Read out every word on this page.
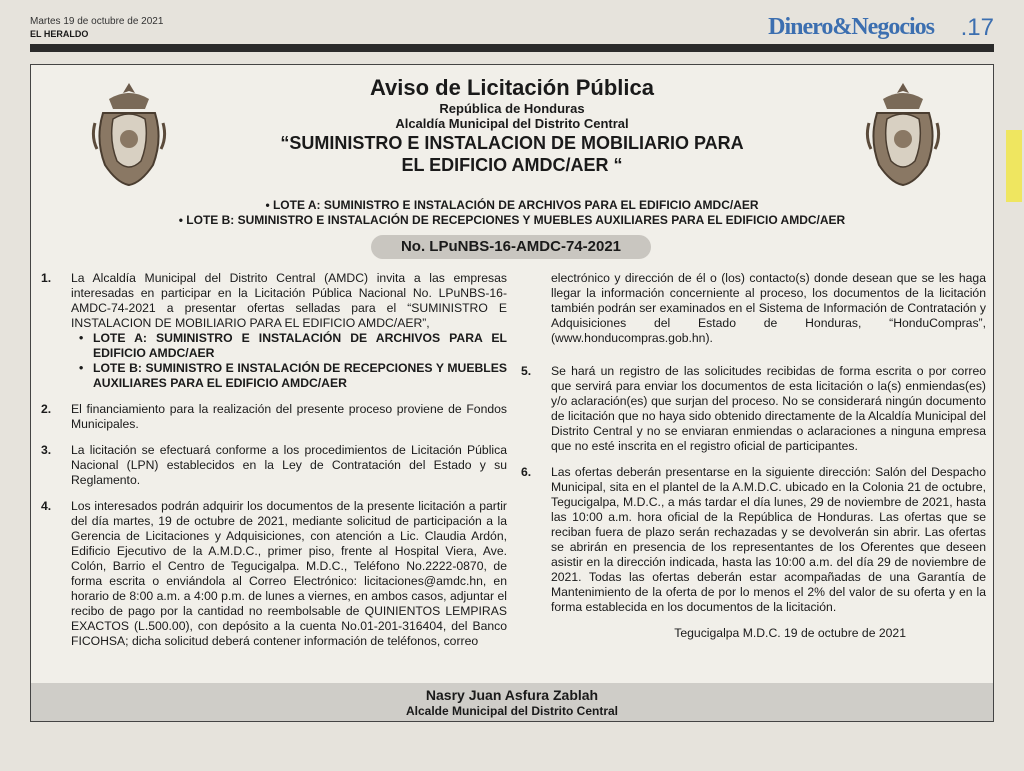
Martes 19 de octubre de 2021
EL HERALDO	Dinero&Negocios .17
Aviso de Licitación Pública
República de Honduras
Alcaldía Municipal del Distrito Central
“SUMINISTRO E INSTALACION DE MOBILIARIO PARA
EL EDIFICIO AMDC/AER “
• LOTE A: SUMINISTRO E INSTALACIÓN DE ARCHIVOS PARA EL EDIFICIO AMDC/AER
• LOTE B: SUMINISTRO E INSTALACIÓN DE RECEPCIONES Y MUEBLES AUXILIARES PARA EL EDIFICIO AMDC/AER
No. LPuNBS-16-AMDC-74-2021
1. La Alcaldía Municipal del Distrito Central (AMDC) invita a las empresas interesadas en participar en la Licitación Pública Nacional No. LPuNBS-16-AMDC-74-2021 a presentar ofertas selladas para el “SUMINISTRO E INSTALACION DE MOBILIARIO PARA EL EDIFICIO AMDC/AER”,
• LOTE A: SUMINISTRO E INSTALACIÓN DE ARCHIVOS PARA EL EDIFICIO AMDC/AER
• LOTE B: SUMINISTRO E INSTALACIÓN DE RECEPCIONES Y MUEBLES AUXILIARES PARA EL EDIFICIO AMDC/AER
2. El financiamiento para la realización del presente proceso proviene de Fondos Municipales.
3. La licitación se efectuará conforme a los procedimientos de Licitación Pública Nacional (LPN) establecidos en la Ley de Contratación del Estado y su Reglamento.
4. Los interesados podrán adquirir los documentos de la presente licitación a partir del día martes, 19 de octubre de 2021, mediante solicitud de participación a la Gerencia de Licitaciones y Adquisiciones, con atención a Lic. Claudia Ardón, Edificio Ejecutivo de la A.M.D.C., primer piso, frente al Hospital Viera, Ave. Colón, Barrio el Centro de Tegucigalpa. M.D.C., Teléfono No.2222-0870, de forma escrita o enviándola al Correo Electrónico: licitaciones@amdc.hn, en horario de 8:00 a.m. a 4:00 p.m. de lunes a viernes, en ambos casos, adjuntar el recibo de pago por la cantidad no reembolsable de QUINIENTOS LEMPIRAS EXACTOS (L.500.00), con depósito a la cuenta No.01-201-316404, del Banco FICOHSA; dicha solicitud deberá contener información de teléfonos, correo
electrónico y dirección de él o (los) contacto(s) donde desean que se les haga llegar la información concerniente al proceso, los documentos de la licitación también podrán ser examinados en el Sistema de Información de Contratación y Adquisiciones del Estado de Honduras, “HonduCompras”, (www.honducompras.gob.hn).
5. Se hará un registro de las solicitudes recibidas de forma escrita o por correo que servirá para enviar los documentos de esta licitación o la(s) enmiendas(es) y/o aclaración(es) que surjan del proceso. No se considerará ningún documento de licitación que no haya sido obtenido directamente de la Alcaldía Municipal del Distrito Central y no se enviaran enmiendas o aclaraciones a ninguna empresa que no esté inscrita en el registro oficial de participantes.
6. Las ofertas deberán presentarse en la siguiente dirección: Salón del Despacho Municipal, sita en el plantel de la A.M.D.C. ubicado en la Colonia 21 de octubre, Tegucigalpa, M.D.C., a más tardar el día lunes, 29 de noviembre de 2021, hasta las 10:00 a.m. hora oficial de la República de Honduras. Las ofertas que se reciban fuera de plazo serán rechazadas y se devolverán sin abrir. Las ofertas se abrirán en presencia de los representantes de los Oferentes que deseen asistir en la dirección indicada, hasta las 10:00 a.m. del día 29 de noviembre de 2021. Todas las ofertas deberán estar acompañadas de una Garantía de Mantenimiento de la oferta de por lo menos el 2% del valor de su oferta y en la forma establecida en los documentos de la licitación.
Tegucigalpa M.D.C. 19 de octubre de 2021
Nasry Juan Asfura Zablah
Alcalde Municipal del Distrito Central
